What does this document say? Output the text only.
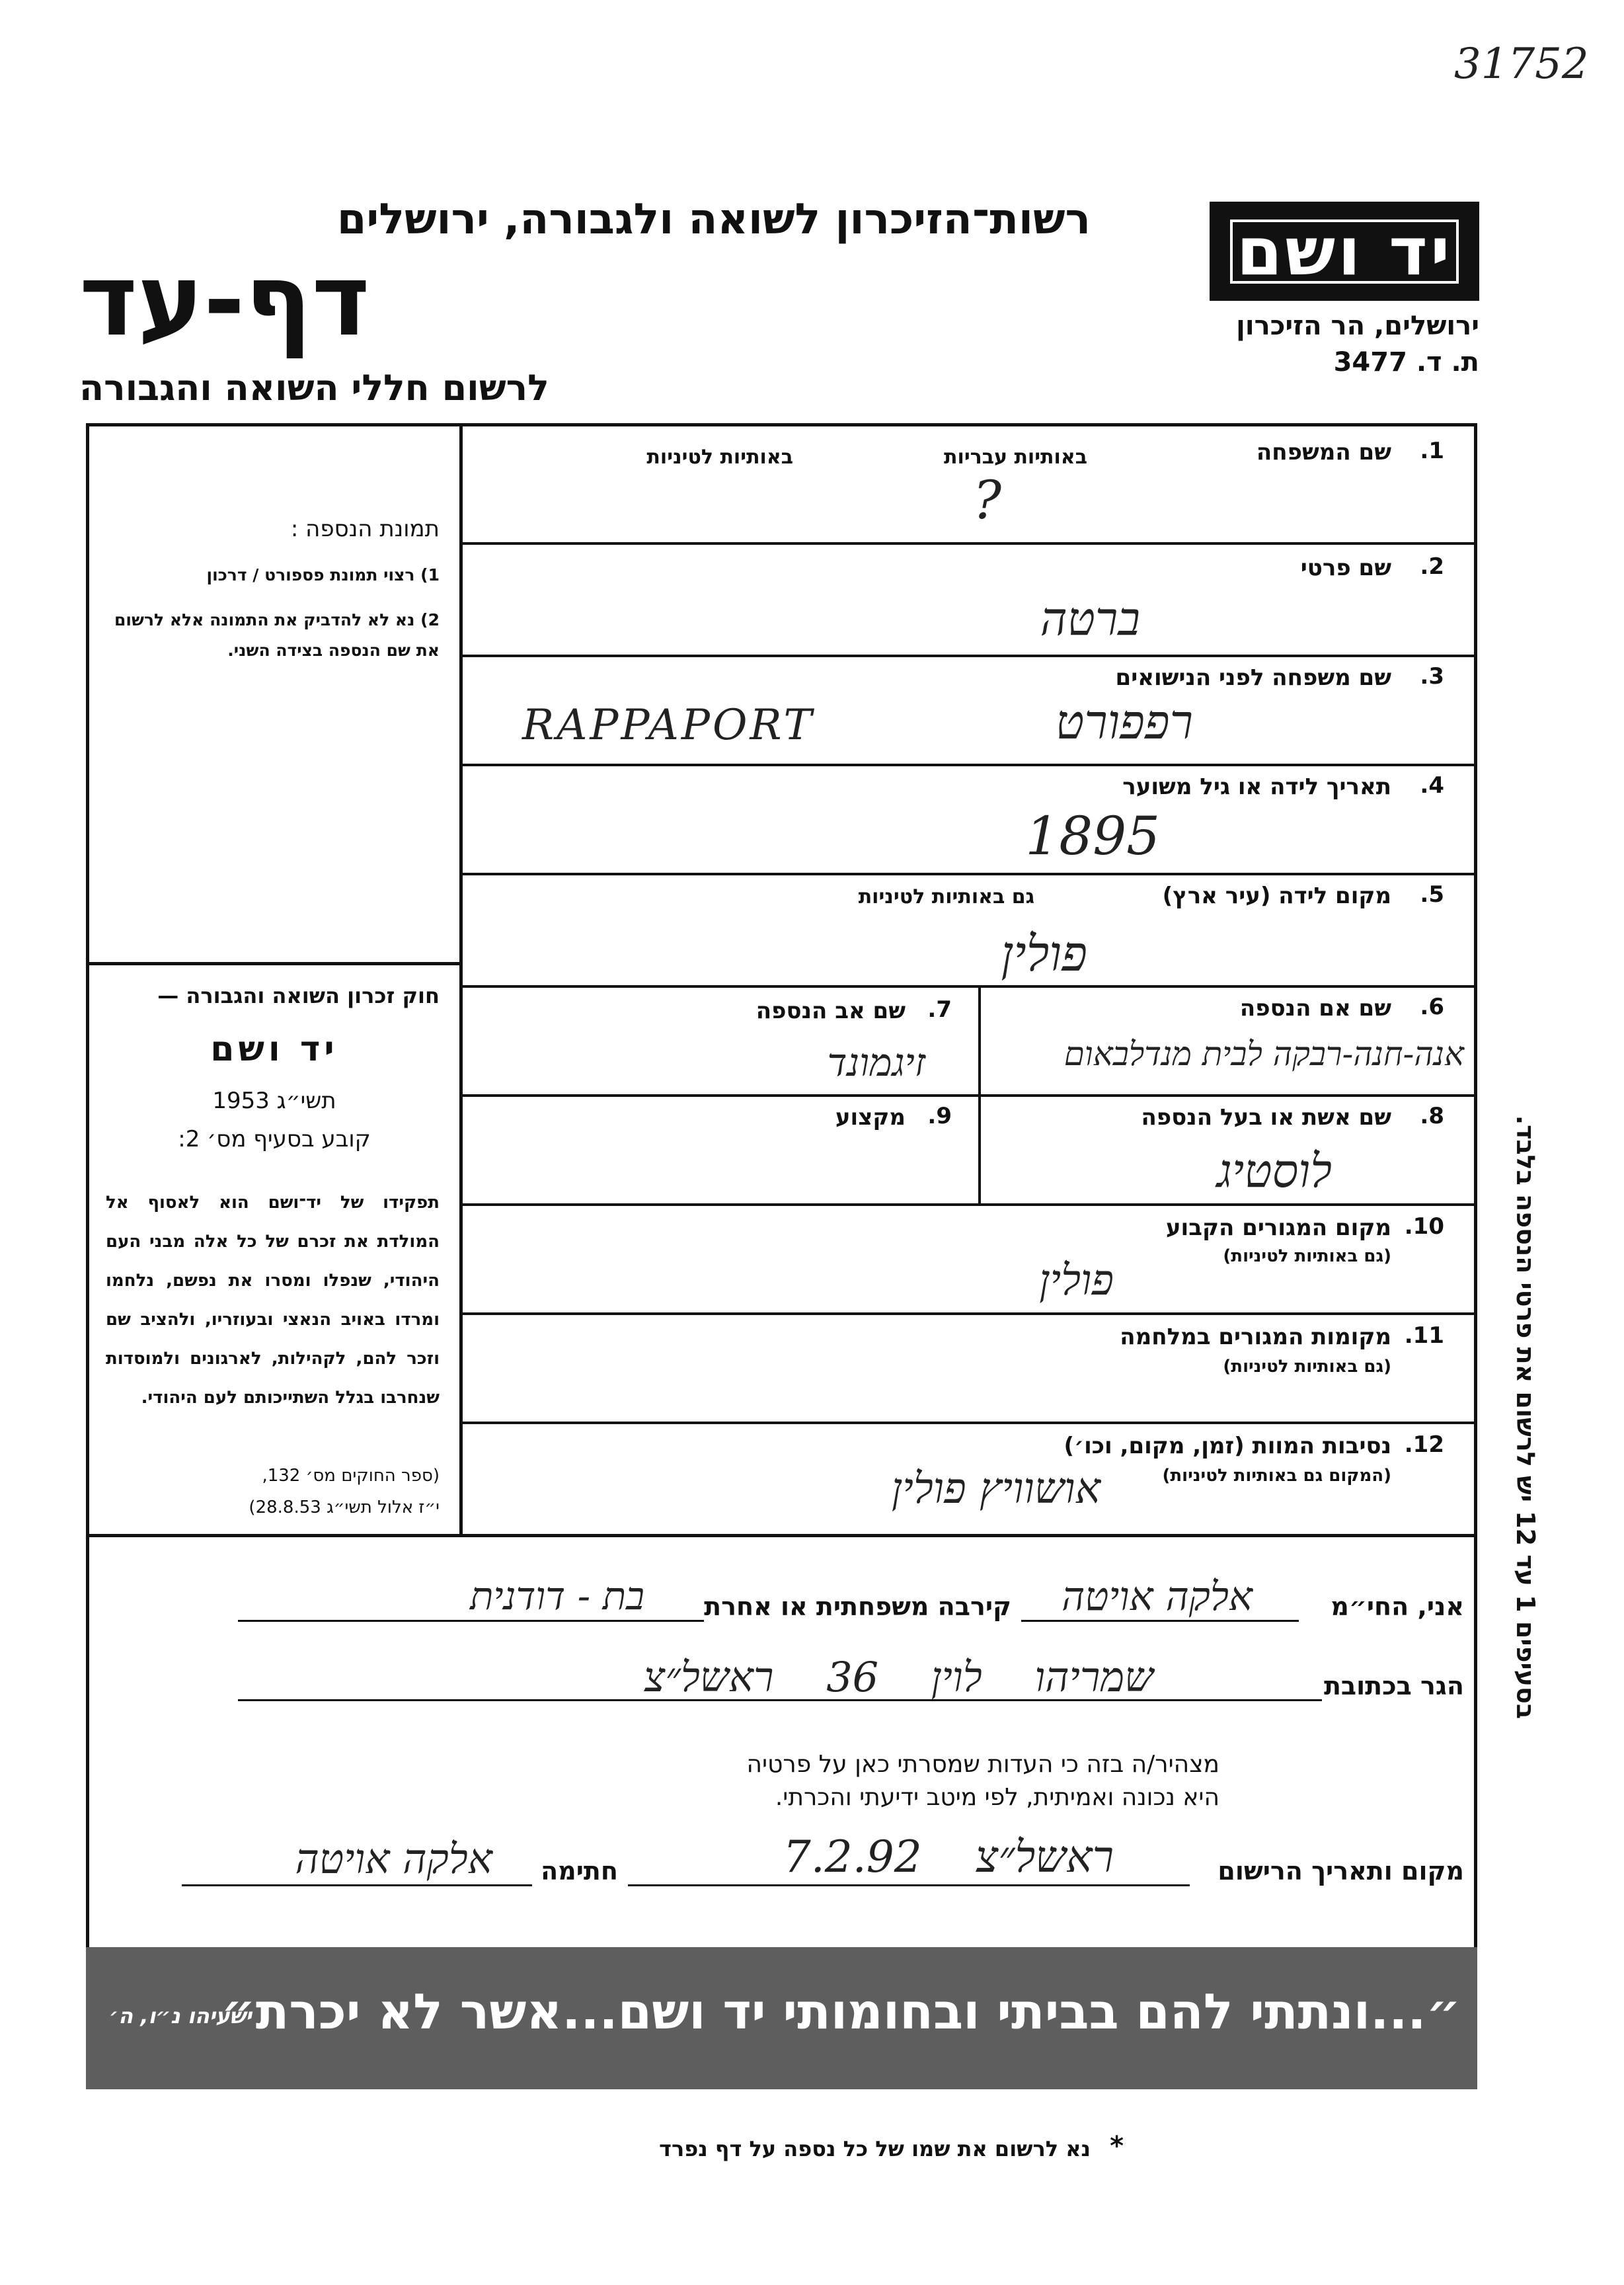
31752
יד ושם
ירושלים, הר הזיכרון
ת. ד. 3477
רשות־הזיכרון לשואה ולגבורה, ירושלים
דף-עד
לרשום חללי השואה והגבורה
בסעיפים 1 עד 12 יש לרשום את פרטי הנספה בלבד.
1.
שם המשפחה
באותיות עבריות
באותיות לטיניות
?
2.
שם פרטי
ברטה
3.
שם משפחה לפני הנישואים
רפפורט
RAPPAPORT
4.
תאריך לידה או גיל משוער
1895
5.
מקום לידה (עיר ארץ)
גם באותיות לטיניות
פולין
6.
שם אם הנספה
אנה-חנה-רבקה לבית מנדלבאום
7.
שם אב הנספה
זיגמונד
8.
שם אשת או בעל הנספה
לוסטיג
9.
מקצוע
10.
מקום המגורים הקבוע
(גם באותיות לטיניות)
פולין
11.
מקומות המגורים במלחמה
(גם באותיות לטיניות)
12.
נסיבות המוות (זמן, מקום, וכו׳)
(המקום גם באותיות לטיניות)
אושוויץ פולין
תמונת הנספה :
1) רצוי תמונת פספורט / דרכון
2) נא לא להדביק את התמונה אלא לרשום את שם הנספה בצידה השני.
חוק זכרון השואה והגבורה —
יד ושם
תשי״ג 1953
קובע בסעיף מס׳ 2:
תפקידו של יד־ושם הוא לאסוף אל המולדת את זכרם של כל אלה מבני העם היהודי, שנפלו ומסרו את נפשם, נלחמו ומרדו באויב הנאצי ובעוזריו, ולהציב שם וזכר להם, לקהילות, לארגונים ולמוסדות שנחרבו בגלל השתייכותם לעם היהודי.
(ספר החוקים מס׳ 132,
י״ז אלול תשי״ג 28.8.53)
אני, החי״מ
אלקה אויטה
קירבה משפחתית או אחרת
בת - דודנית
הגר בכתובת
שמריהו לוין 36 ראשל״צ
מצהיר/ה בזה כי העדות שמסרתי כאן על פרטיה
היא נכונה ואמיתית, לפי מיטב ידיעתי והכרתי.
מקום ותאריך הרישום
ראשל״צ 7.2.92
חתימה
אלקה אויטה
״...ונתתי להם בביתי ובחומותי יד ושם...אשר לא יכרת״
ישעיהו נ״ו, ה׳
*
נא לרשום את שמו של כל נספה על דף נפרד
